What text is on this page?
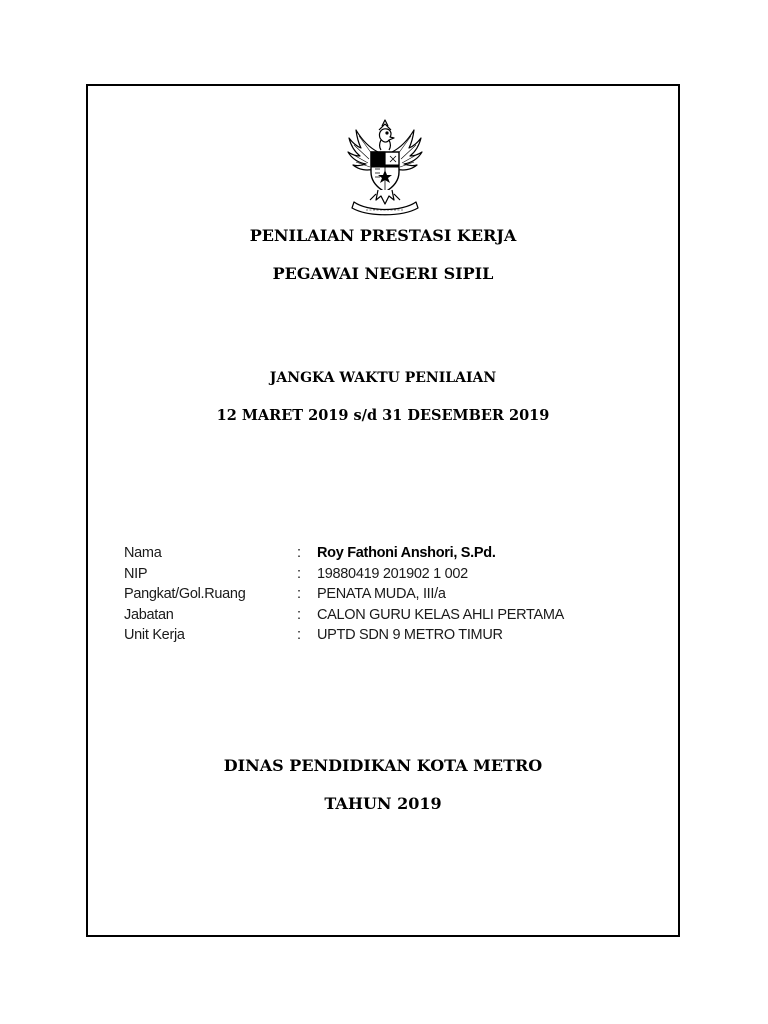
PENILAIAN PRESTASI KERJA
PEGAWAI NEGERI SIPIL
JANGKA WAKTU PENILAIAN
12 MARET 2019 s/d 31 DESEMBER 2019
Nama	: Roy Fathoni Anshori, S.Pd.
NIP	: 19880419 201902 1 002
Pangkat/Gol.Ruang	: PENATA MUDA, III/a
Jabatan	: CALON GURU KELAS AHLI PERTAMA
Unit Kerja	: UPTD SDN 9 METRO TIMUR
DINAS PENDIDIKAN KOTA METRO
TAHUN 2019
